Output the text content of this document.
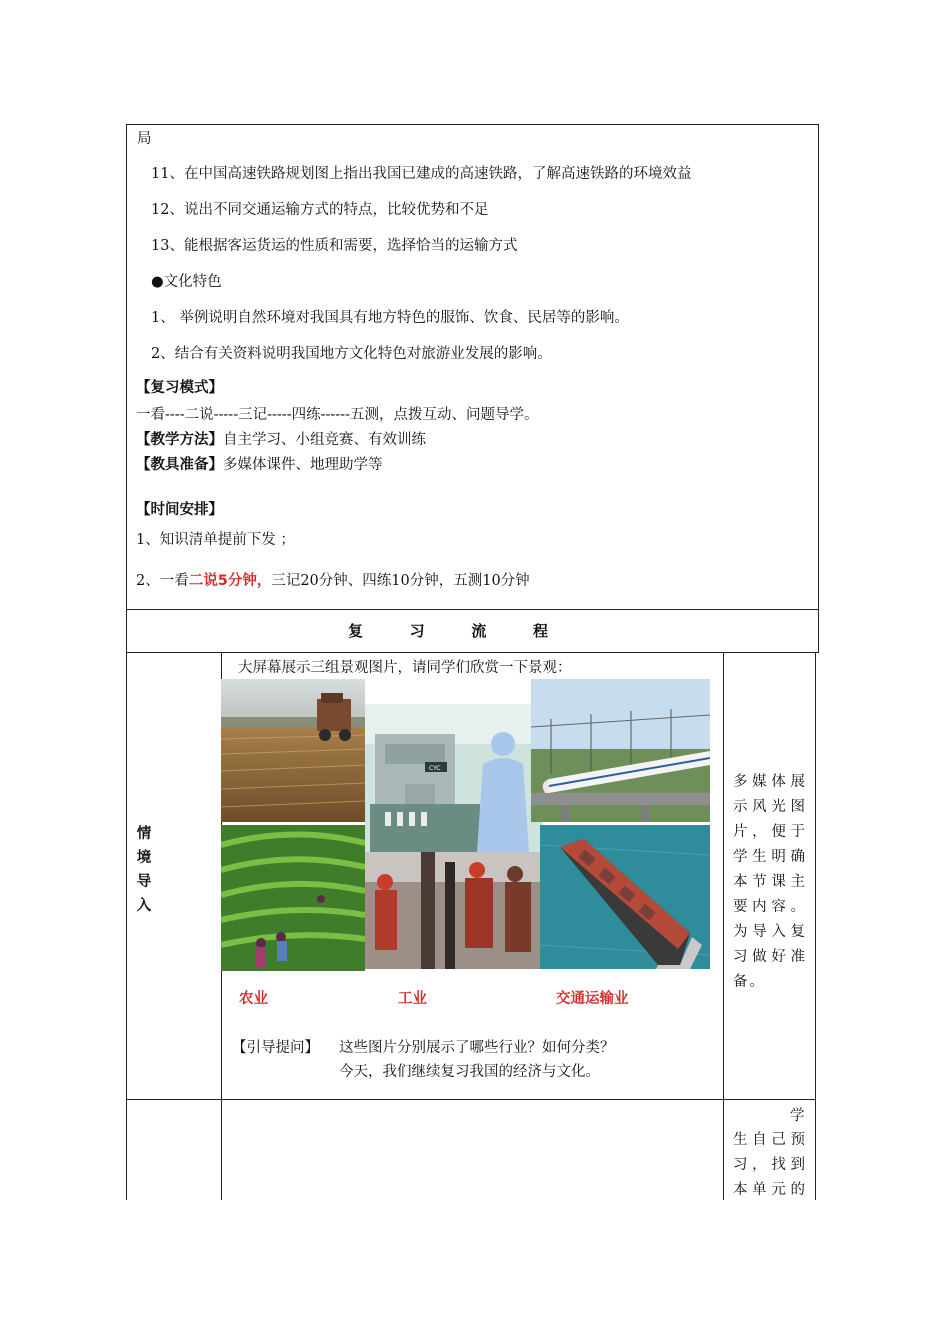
局
11、在中国高速铁路规划图上指出我国已建成的高速铁路，了解高速铁路的环境效益
12、说出不同交通运输方式的特点，比较优势和不足
13、能根据客运货运的性质和需要，选择恰当的运输方式
●文化特色
1、 举例说明自然环境对我国具有地方特色的服饰、饮食、民居等的影响。
2、结合有关资料说明我国地方文化特色对旅游业发展的影响。
【复习模式】
一看----二说-----三记-----四练------五测，点拨互动、问题导学。
【教学方法】自主学习、小组竞赛、有效训练
【教具准备】多媒体课件、地理助学等
【时间安排】
1、知识清单提前下发 ；
2、一看二说5分钟，三记20分钟、四练10分钟，五测10分钟
复	习	流	程
情
境
导
入
大屏幕展示三组景观图片，请同学们欣赏一下景观：
CYC
农业	工业	交通运输业
【引导提问】 这些图片分别展示了哪些行业？如何分类？
今天，我们继续复习我国的经济与文化。
多媒体展
示风光图
片，便于
学生明确
本节课主
要内容。
为导入复
习做好准
备。
学
生自己预
习，找到
本单元的
